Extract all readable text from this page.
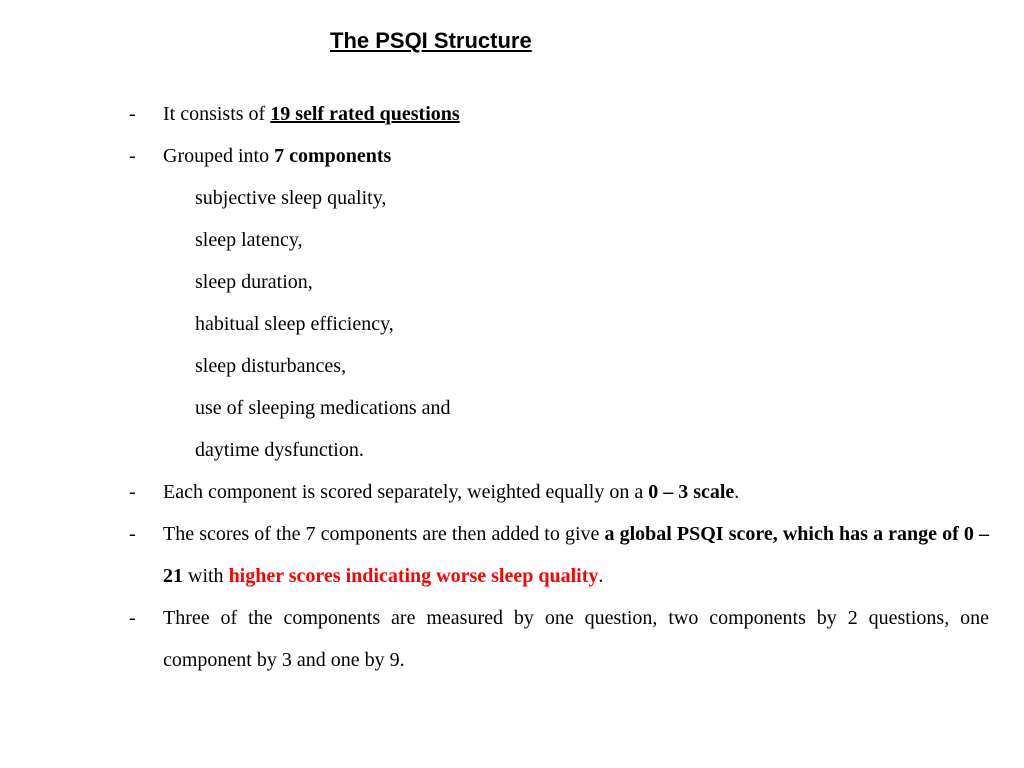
The PSQI Structure
- It consists of 19 self rated questions
- Grouped into 7 components
subjective sleep quality,
sleep latency,
sleep duration,
habitual sleep efficiency,
sleep disturbances,
use of sleeping medications and
daytime dysfunction.
- Each component is scored separately, weighted equally on a 0 – 3 scale.
- The scores of the 7 components are then added to give a global PSQI score, which has a range of 0 – 21 with higher scores indicating worse sleep quality.
- Three of the components are measured by one question, two components by 2 questions, one component by 3 and one by 9.
